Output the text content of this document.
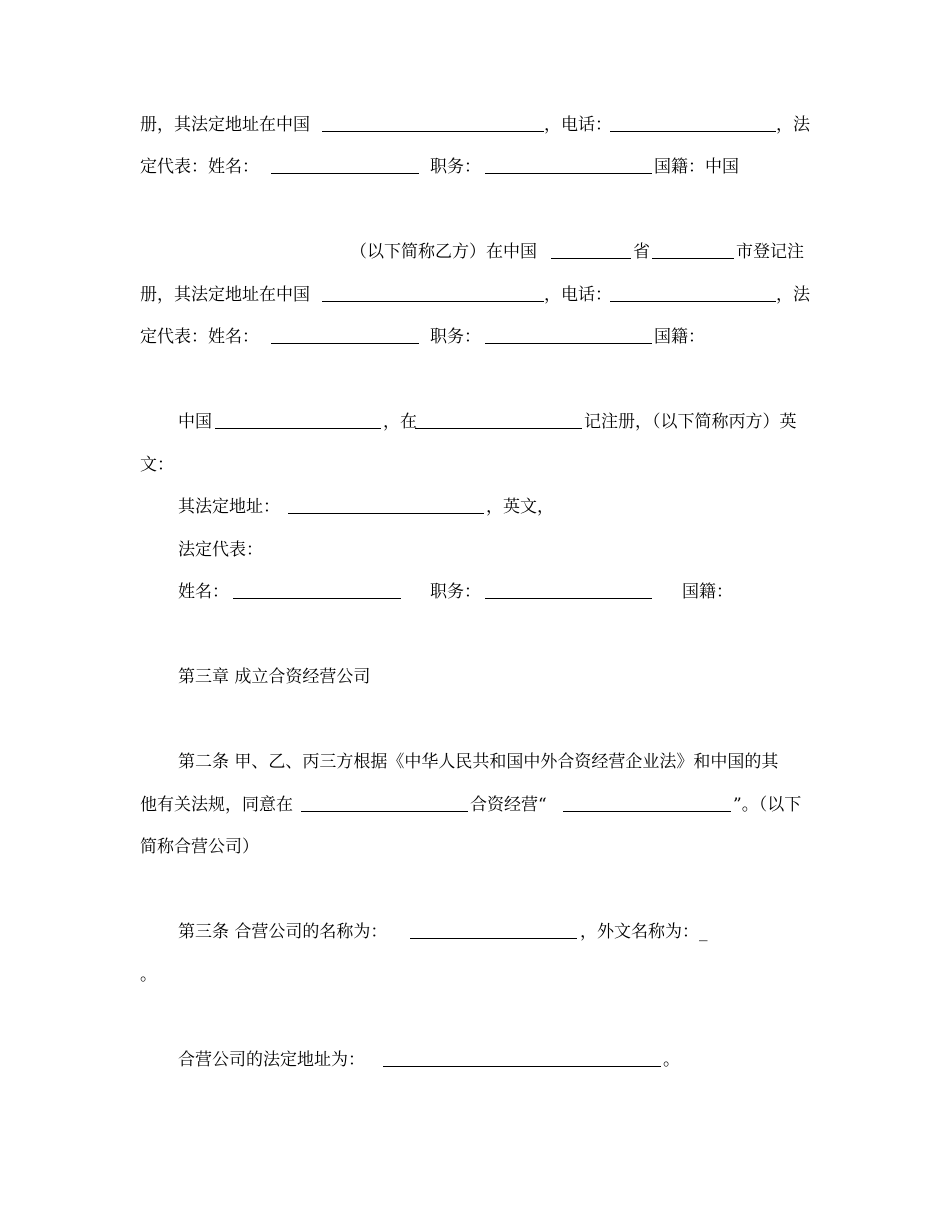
册，其法定地址在中国	，电话：	，法
定代表：姓名：	职务：	国籍：中国
（以下简称乙方）在中国	省	市登记注
册，其法定地址在中国	，电话：	，法
定代表：姓名：	职务：	国籍：
中国	，在	记注册，（以下简称丙方）英
文：
其法定地址：	，英文，
法定代表：
姓名：	职务：	国籍：
第三章 成立合资经营公司
第二条 甲、乙、丙三方根据《中华人民共和国中外合资经营企业法》和中国的其
他有关法规，同意在	合资经营“	”。（以下
简称合营公司）
第三条 合营公司的名称为：	，外文名称为：_
。
合营公司的法定地址为：	。
